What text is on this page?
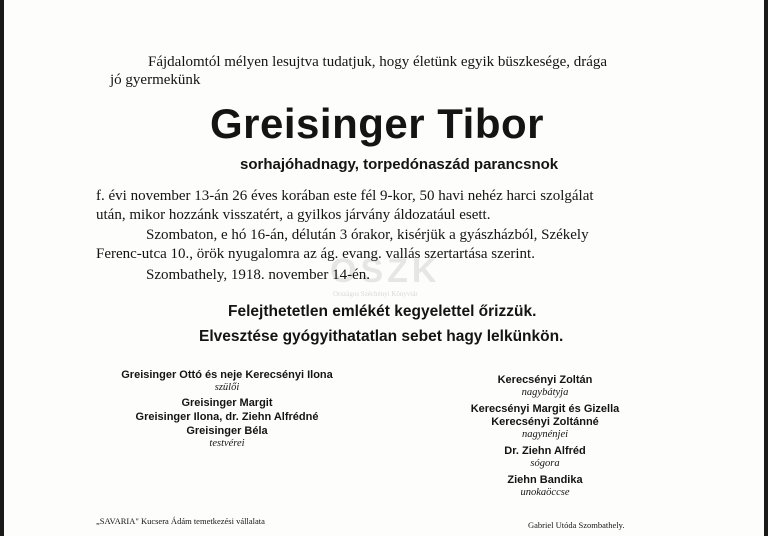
OSZK
Országos Széchényi Könyvtár
Fájdalomtól mélyen lesujtva tudatjuk, hogy életünk egyik büszkesége, drága
jó gyermekünk
Greisinger Tibor
sorhajóhadnagy, torpedónaszád parancsnok
f. évi november 13-án 26 éves korában este fél 9-kor, 50 havi nehéz harci szolgálat
után, mikor hozzánk visszatért, a gyilkos járvány áldozatául esett.
Szombaton, e hó 16-án, délután 3 órakor, kisérjük a gyászházból, Székely
Ferenc-utca 10., örök nyugalomra az ág. evang. vallás szertartása szerint.
Szombathely, 1918. november 14-én.
Felejthetetlen emlékét kegyelettel őrizzük.
Elvesztése gyógyithatatlan sebet hagy lelkünkön.
Greisinger Ottó és neje Kerecsényi Ilona
szülői
Greisinger Margit
Greisinger Ilona, dr. Ziehn Alfrédné
Greisinger Béla
testvérei
Kerecsényi Zoltán
nagybátyja
Kerecsényi Margit és Gizella
Kerecsényi Zoltánné
nagynénjei
Dr. Ziehn Alfréd
sógora
Ziehn Bandika
unokaöccse
„SAVARIA" Kucsera Ádám temetkezési vállalata	Gabriel Utóda Szombathely.
